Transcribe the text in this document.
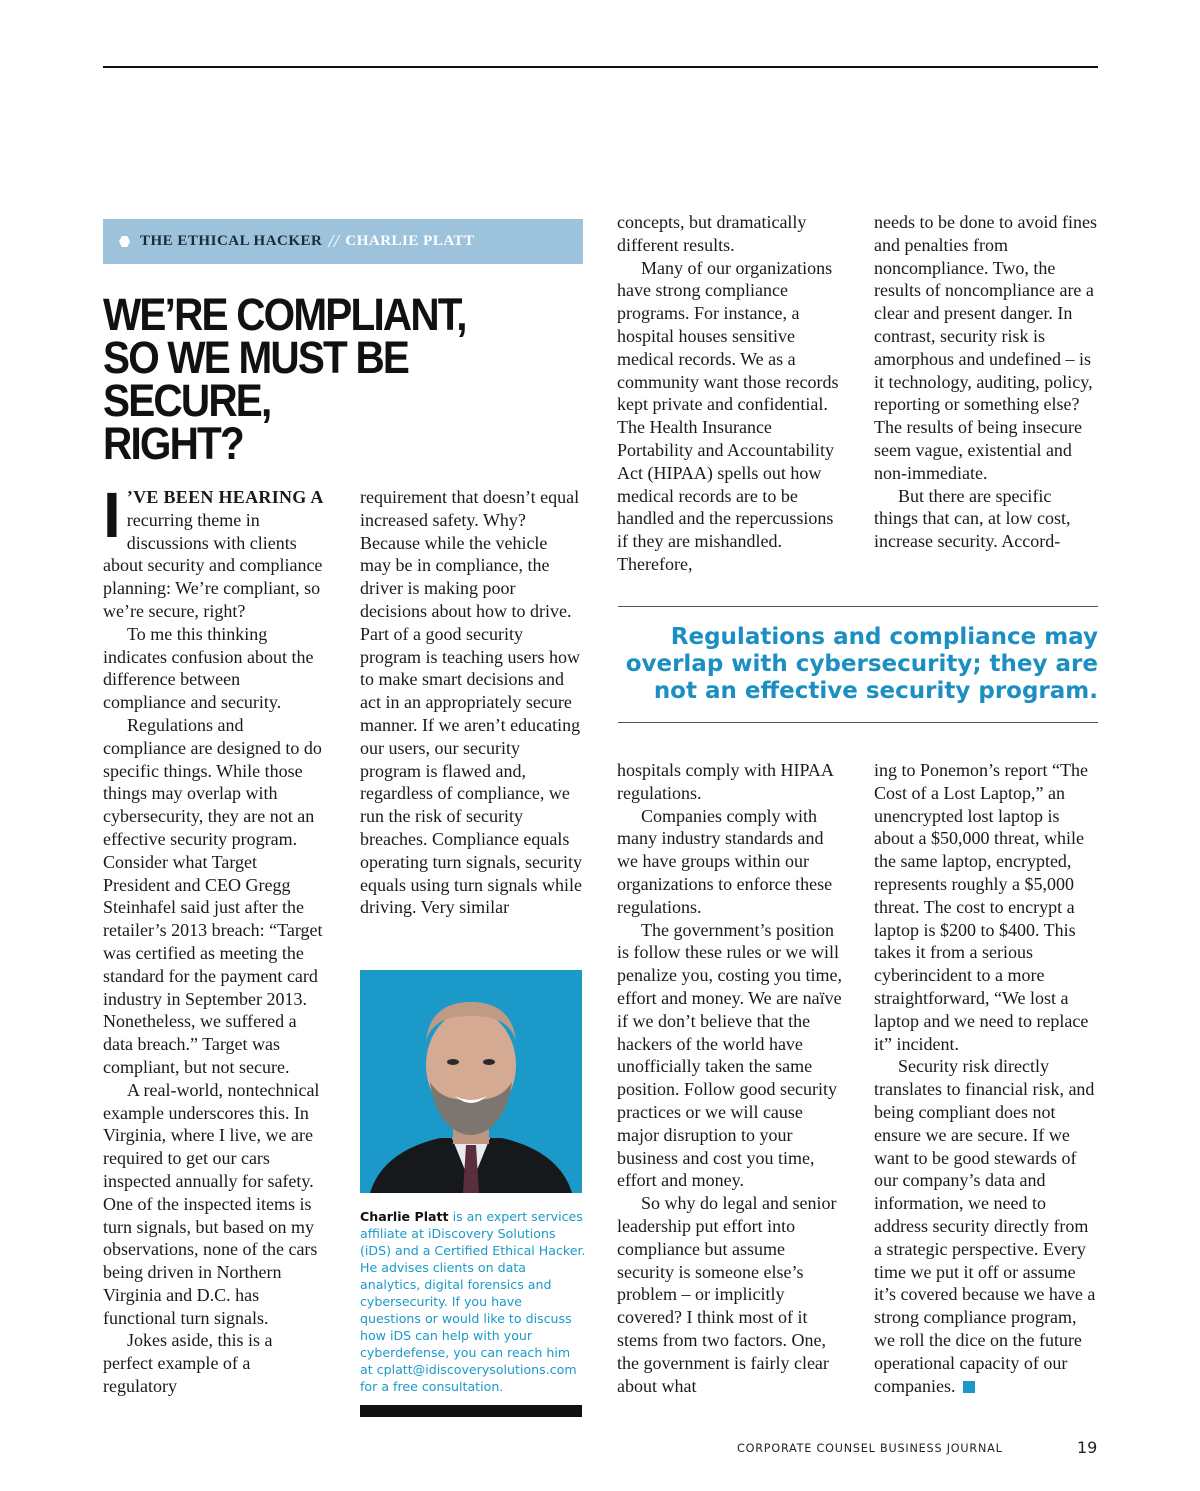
THE ETHICAL HACKER // CHARLIE PLATT
WE’RE COMPLIANT,
SO WE MUST BE SECURE,
RIGHT?

I ’VE BEEN HEARING A recurring theme in discussions with clients about security and compliance planning: We’re compliant, so we’re secure, right?

To me this thinking indicates confusion about the difference between compliance and security.

Regulations and compliance are designed to do specific things. While those things may overlap with cybersecurity, they are not an effective security program. Consider what Target President and CEO Gregg Steinhafel said just after the retailer’s 2013 breach: “Target was certified as meeting the standard for the payment card industry in September 2013. Nonetheless, we suffered a data breach.” Target was compliant, but not secure.

A real-world, nontechnical example underscores this. In Virginia, where I live, we are required to get our cars inspected annually for safety. One of the inspected items is turn signals, but based on my observations, none of the cars being driven in Northern Virginia and D.C. has functional turn signals.

Jokes aside, this is a perfect example of a regulatory

requirement that doesn’t equal increased safety. Why? Because while the vehicle may be in compliance, the driver is making poor decisions about how to drive. Part of a good security program is teaching users how to make smart decisions and act in an appropriately secure manner. If we aren’t educating our users, our security program is flawed and, regardless of compliance, we run the risk of security breaches. Compliance equals operating turn signals, security equals using turn signals while driving. Very similar

Charlie Platt is an expert services affiliate at iDiscovery Solutions (iDS) and a Certified Ethical Hacker. He advises clients on data analytics, digital forensics and cybersecurity. If you have questions or would like to discuss how iDS can help with your cyberdefense, you can reach him at cplatt@idiscoverysolutions.com for a free consultation.

concepts, but dramatically different results.

Many of our organizations have strong compliance programs. For instance, a hospital houses sensitive medical records. We as a community want those records kept private and confidential. The Health Insurance Portability and Accountability Act (HIPAA) spells out how medical records are to be handled and the repercussions if they are mishandled. Therefore,

needs to be done to avoid fines and penalties from noncompliance. Two, the results of noncompliance are a clear and present danger. In contrast, security risk is amorphous and undefined – is it technology, auditing, policy, reporting or something else? The results of being insecure seem vague, existential and non-immediate.

But there are specific things that can, at low cost, increase security. Accord-

Regulations and compliance may overlap with cybersecurity; they are not an effective security program.

hospitals comply with HIPAA regulations.

Companies comply with many industry standards and we have groups within our organizations to enforce these regulations.

The government’s position is follow these rules or we will penalize you, costing you time, effort and money. We are naïve if we don’t believe that the hackers of the world have unofficially taken the same position. Follow good security practices or we will cause major disruption to your business and cost you time, effort and money.

So why do legal and senior leadership put effort into compliance but assume security is someone else’s problem – or implicitly covered? I think most of it stems from two factors. One, the government is fairly clear about what

ing to Ponemon’s report “The Cost of a Lost Laptop,” an unencrypted lost laptop is about a $50,000 threat, while the same laptop, encrypted, represents roughly a $5,000 threat. The cost to encrypt a laptop is $200 to $400. This takes it from a serious cyberincident to a more straightforward, “We lost a laptop and we need to replace it” incident.

Security risk directly translates to financial risk, and being compliant does not ensure we are secure. If we want to be good stewards of our company’s data and information, we need to address security directly from a strategic perspective. Every time we put it off or assume it’s covered because we have a strong compliance program, we roll the dice on the future operational capacity of our companies.

CORPORATE COUNSEL BUSINESS JOURNAL	19
